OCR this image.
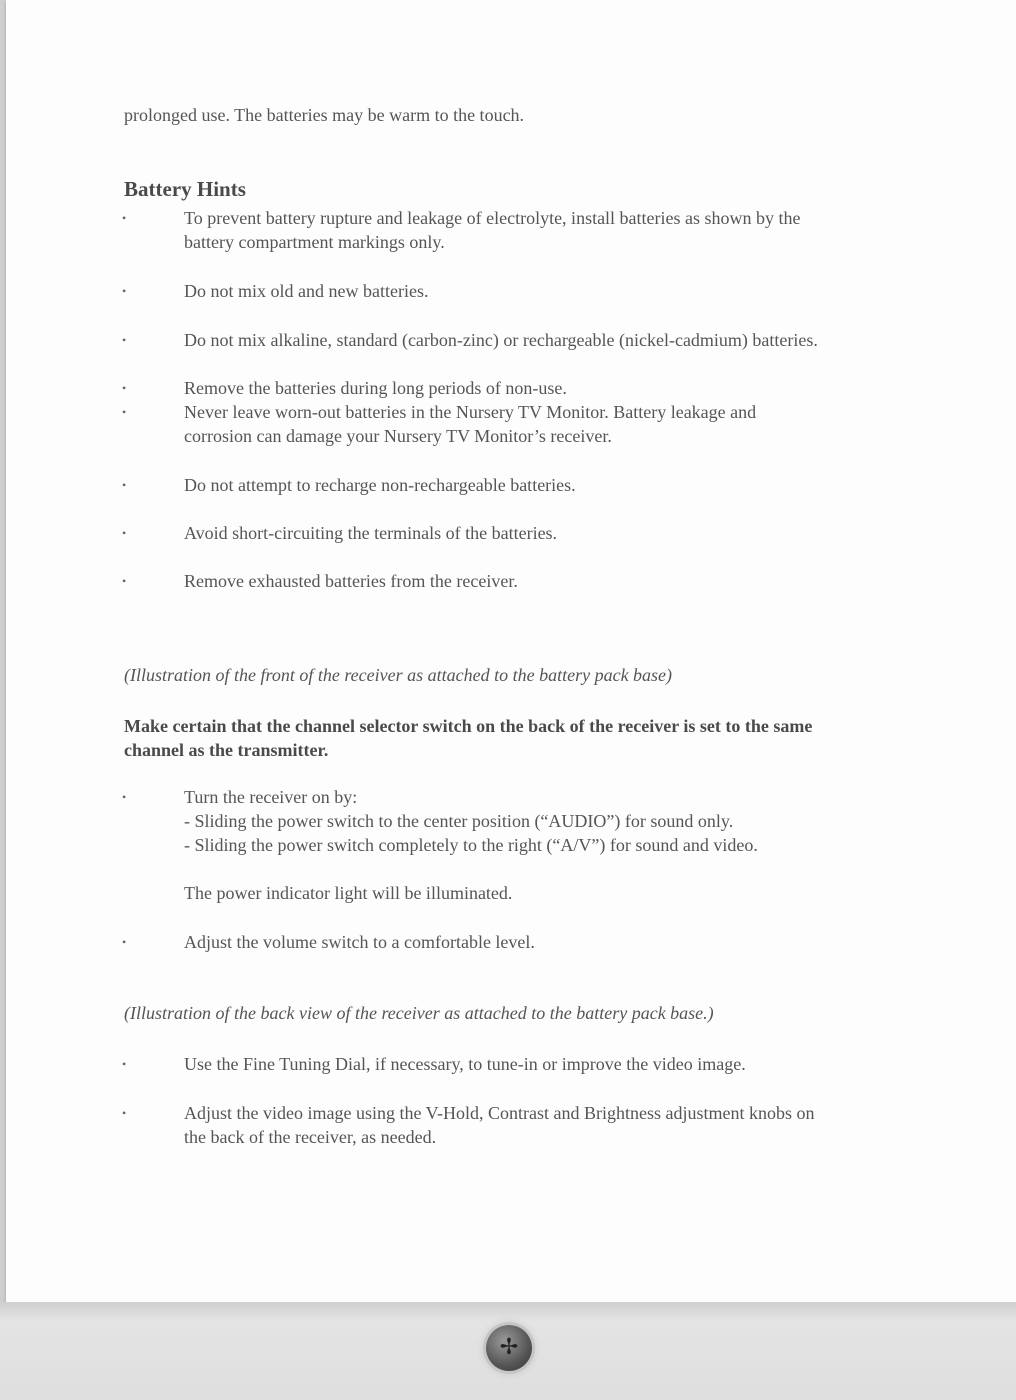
prolonged use. The batteries may be warm to the touch.
Battery Hints
•	To prevent battery rupture and leakage of electrolyte, install batteries as shown by the
battery compartment markings only.
•	Do not mix old and new batteries.
•	Do not mix alkaline, standard (carbon-zinc) or rechargeable (nickel-cadmium) batteries.
•	Remove the batteries during long periods of non-use.
•	Never leave worn-out batteries in the Nursery TV Monitor. Battery leakage and
corrosion can damage your Nursery TV Monitor’s receiver.
•	Do not attempt to recharge non-rechargeable batteries.
•	Avoid short-circuiting the terminals of the batteries.
•	Remove exhausted batteries from the receiver.
(Illustration of the front of the receiver as attached to the battery pack base)
Make certain that the channel selector switch on the back of the receiver is set to the same
channel as the transmitter.
•	Turn the receiver on by:
- Sliding the power switch to the center position (“AUDIO”) for sound only.
- Sliding the power switch completely to the right (“A/V”) for sound and video.
The power indicator light will be illuminated.
•	Adjust the volume switch to a comfortable level.
(Illustration of the back view of the receiver as attached to the battery pack base.)
•	Use the Fine Tuning Dial, if necessary, to tune-in or improve the video image.
•	Adjust the video image using the V-Hold, Contrast and Brightness adjustment knobs on
the back of the receiver, as needed.
✢
